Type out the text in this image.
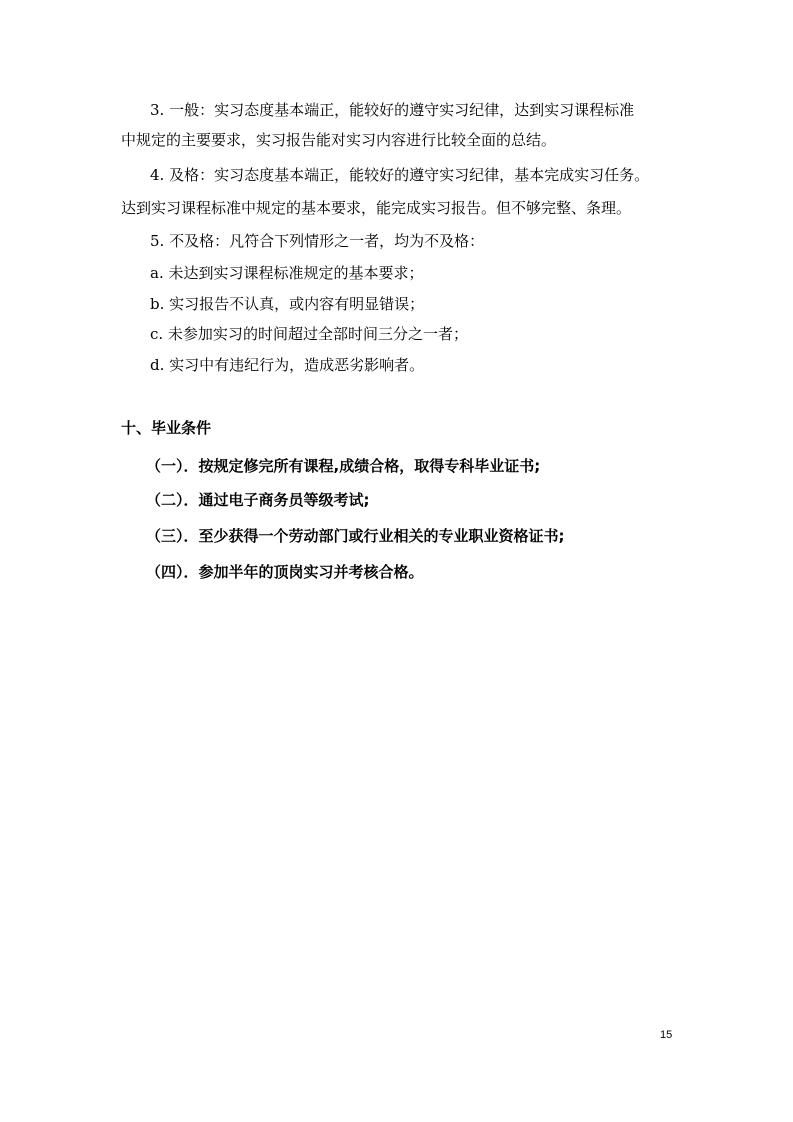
3. 一般：实习态度基本端正，能较好的遵守实习纪律，达到实习课程标准
中规定的主要要求，实习报告能对实习内容进行比较全面的总结。
4. 及格：实习态度基本端正，能较好的遵守实习纪律，基本完成实习任务。
达到实习课程标准中规定的基本要求，能完成实习报告。但不够完整、条理。
5. 不及格：凡符合下列情形之一者，均为不及格：
a. 未达到实习课程标准规定的基本要求；
b. 实习报告不认真，或内容有明显错误；
c. 未参加实习的时间超过全部时间三分之一者；
d. 实习中有违纪行为，造成恶劣影响者。
十、毕业条件
（一）．按规定修完所有课程,成绩合格，取得专科毕业证书;
（二）．通过电子商务员等级考试;
（三）．至少获得一个劳动部门或行业相关的专业职业资格证书;
（四）．参加半年的顶岗实习并考核合格。
15
